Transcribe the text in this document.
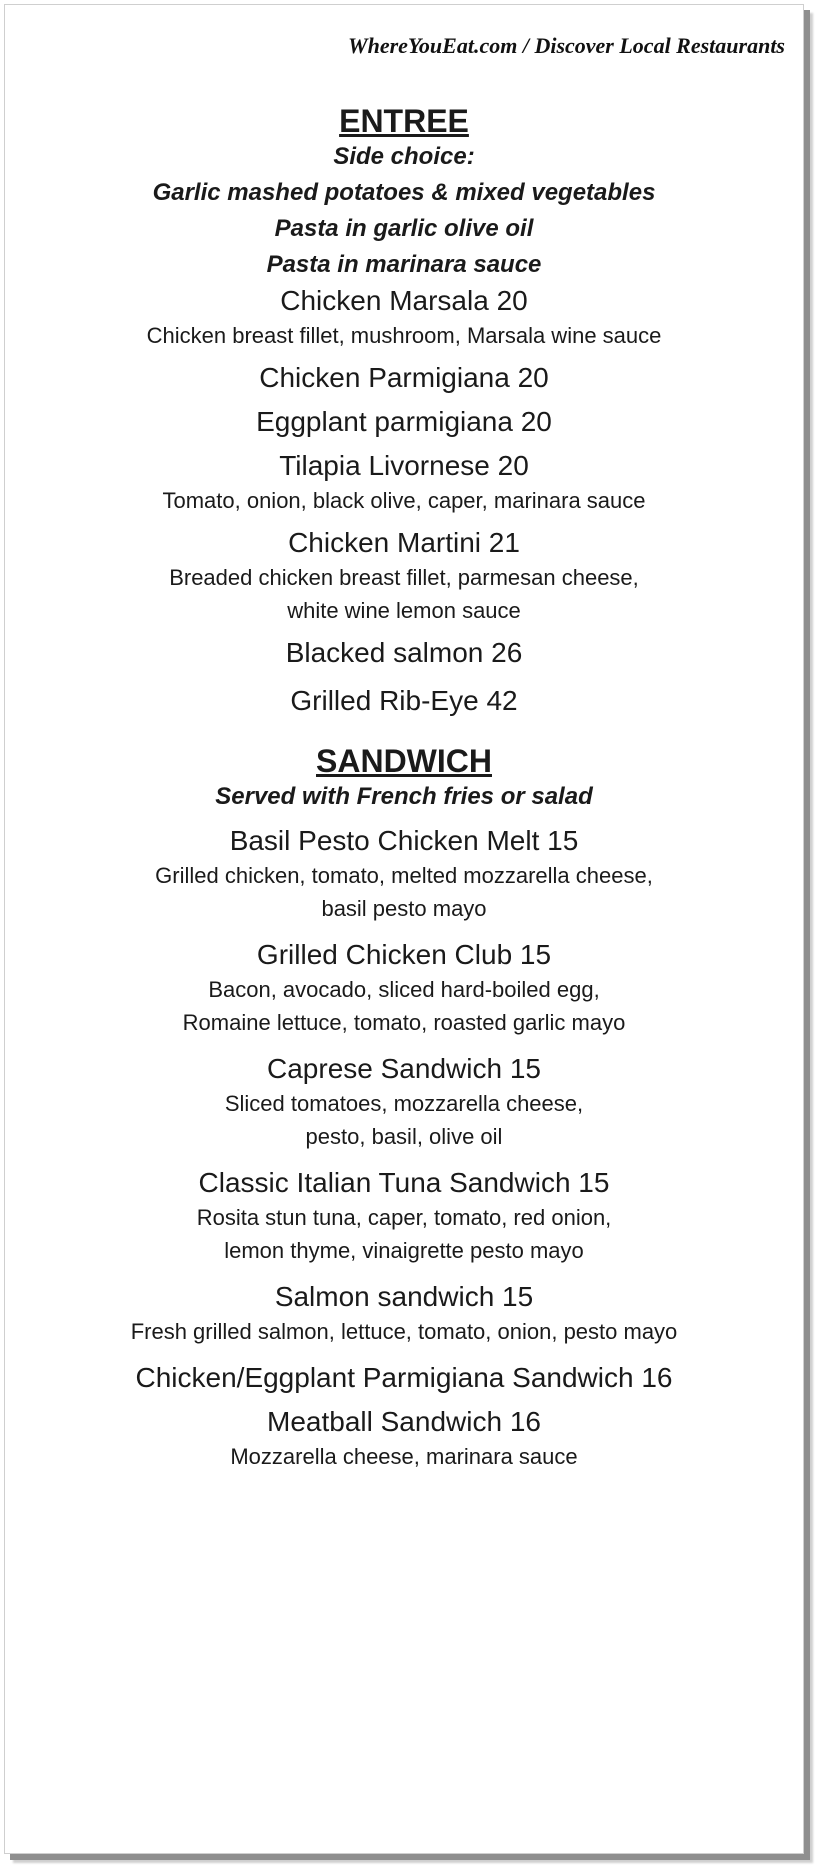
WhereYouEat.com / Discover Local Restaurants
ENTREE
Side choice:
Garlic mashed potatoes & mixed vegetables
Pasta in garlic olive oil
Pasta in marinara sauce
Chicken Marsala 20
Chicken breast fillet, mushroom, Marsala wine sauce
Chicken Parmigiana 20
Eggplant parmigiana 20
Tilapia Livornese 20
Tomato, onion, black olive, caper, marinara sauce
Chicken Martini 21
Breaded chicken breast fillet, parmesan cheese,
white wine lemon sauce
Blacked salmon 26
Grilled Rib-Eye 42
SANDWICH
Served with French fries or salad
Basil Pesto Chicken Melt 15
Grilled chicken, tomato, melted mozzarella cheese,
basil pesto mayo
Grilled Chicken Club 15
Bacon, avocado, sliced hard-boiled egg,
Romaine lettuce, tomato, roasted garlic mayo
Caprese Sandwich 15
Sliced tomatoes, mozzarella cheese,
pesto, basil, olive oil
Classic Italian Tuna Sandwich 15
Rosita stun tuna, caper, tomato, red onion,
lemon thyme, vinaigrette pesto mayo
Salmon sandwich 15
Fresh grilled salmon, lettuce, tomato, onion, pesto mayo
Chicken/Eggplant Parmigiana Sandwich 16
Meatball Sandwich 16
Mozzarella cheese, marinara sauce
